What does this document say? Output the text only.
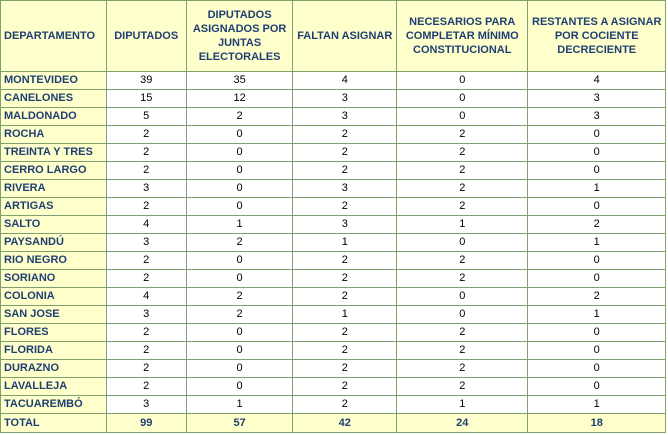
DEPARTAMENTO	DIPUTADOS	DIPUTADOS ASIGNADOS POR JUNTAS ELECTORALES	FALTAN ASIGNAR	NECESARIOS PARA COMPLETAR MÍNIMO CONSTITUCIONAL	RESTANTES A ASIGNAR POR COCIENTE DECRECIENTE
MONTEVIDEO	39	35	4	0	4
CANELONES	15	12	3	0	3
MALDONADO	5	2	3	0	3
ROCHA	2	0	2	2	0
TREINTA Y TRES	2	0	2	2	0
CERRO LARGO	2	0	2	2	0
RIVERA	3	0	3	2	1
ARTIGAS	2	0	2	2	0
SALTO	4	1	3	1	2
PAYSANDÚ	3	2	1	0	1
RIO NEGRO	2	0	2	2	0
SORIANO	2	0	2	2	0
COLONIA	4	2	2	0	2
SAN JOSE	3	2	1	0	1
FLORES	2	0	2	2	0
FLORIDA	2	0	2	2	0
DURAZNO	2	0	2	2	0
LAVALLEJA	2	0	2	2	0
TACUAREMBÓ	3	1	2	1	1
TOTAL	99	57	42	24	18
